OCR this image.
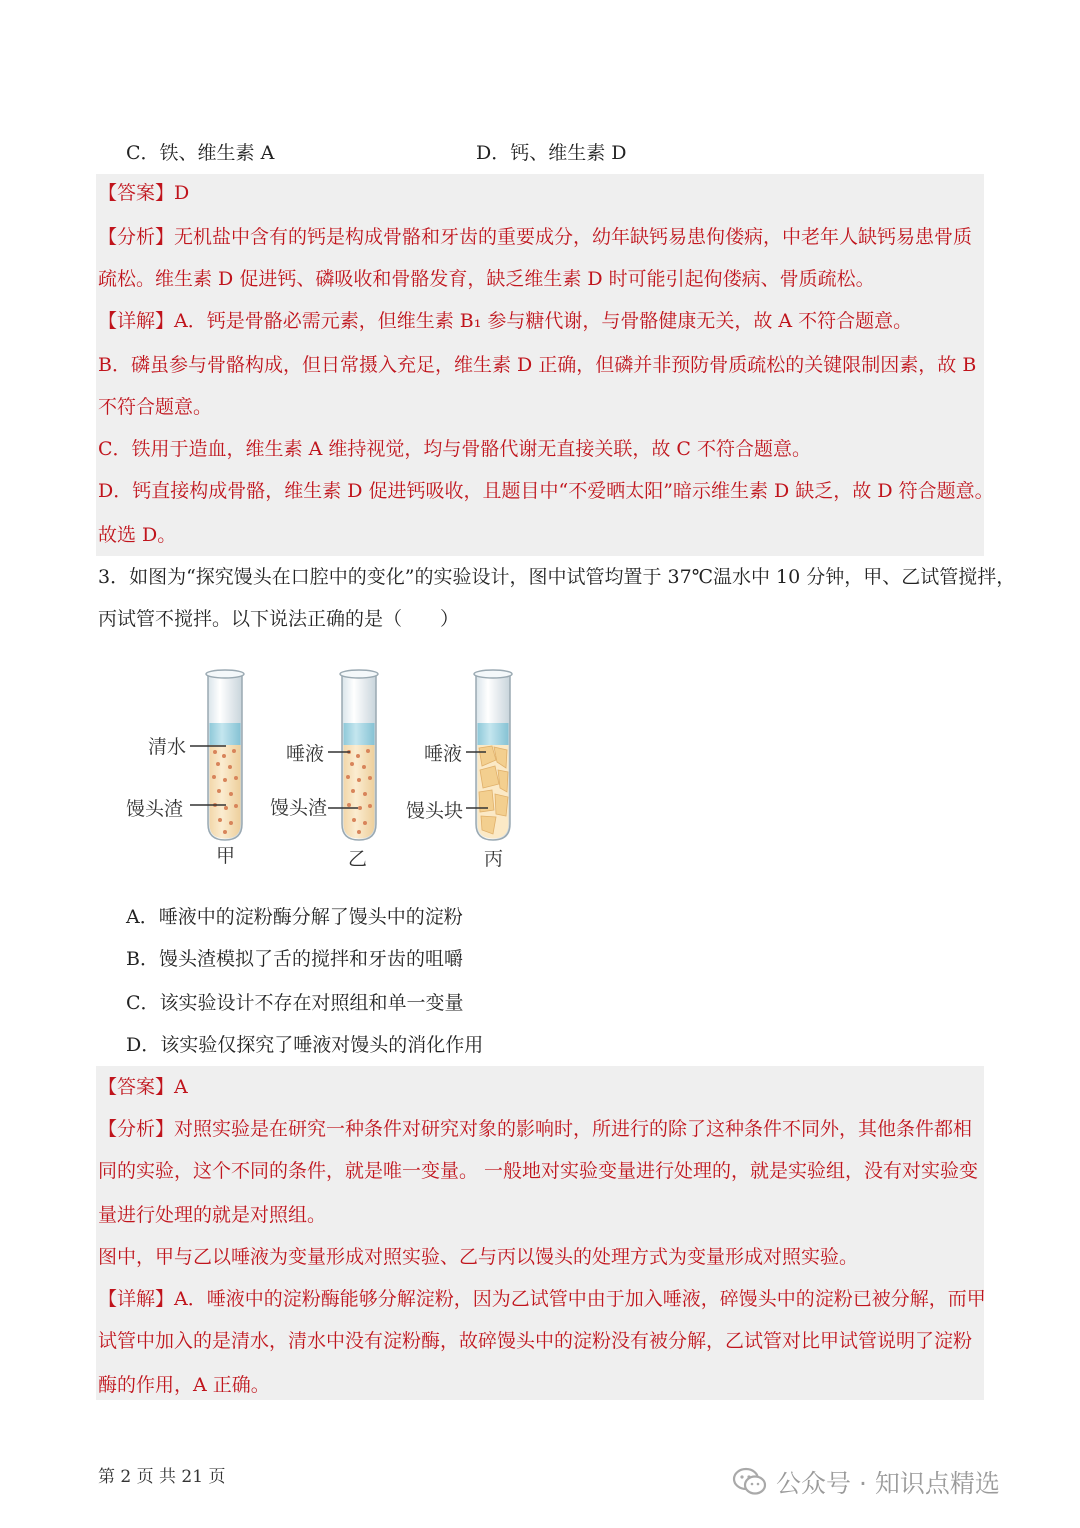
C．铁、维生素 A	D．钙、维生素 D
【答案】D
【分析】无机盐中含有的钙是构成骨骼和牙齿的重要成分，幼年缺钙易患佝偻病，中老年人缺钙易患骨质
疏松。维生素 D 促进钙、磷吸收和骨骼发育，缺乏维生素 D 时可能引起佝偻病、骨质疏松。
【详解】A．钙是骨骼必需元素，但维生素 B₁ 参与糖代谢，与骨骼健康无关，故 A 不符合题意。
B．磷虽参与骨骼构成，但日常摄入充足，维生素 D 正确，但磷并非预防骨质疏松的关键限制因素，故 B
不符合题意。
C．铁用于造血，维生素 A 维持视觉，均与骨骼代谢无直接关联，故 C 不符合题意。
D．钙直接构成骨骼，维生素 D 促进钙吸收，且题目中“不爱晒太阳”暗示维生素 D 缺乏，故 D 符合题意。
故选 D。
3．如图为“探究馒头在口腔中的变化”的实验设计，图中试管均置于 37℃温水中 10 分钟，甲、乙试管搅拌，
丙试管不搅拌。以下说法正确的是（　　）
清水
馒头渣
甲
唾液
馒头渣
乙
唾液
馒头块
丙
A．唾液中的淀粉酶分解了馒头中的淀粉
B．馒头渣模拟了舌的搅拌和牙齿的咀嚼
C．该实验设计不存在对照组和单一变量
D．该实验仅探究了唾液对馒头的消化作用
【答案】A
【分析】对照实验是在研究一种条件对研究对象的影响时，所进行的除了这种条件不同外，其他条件都相
同的实验，这个不同的条件，就是唯一变量。 一般地对实验变量进行处理的，就是实验组，没有对实验变
量进行处理的就是对照组。
图中，甲与乙以唾液为变量形成对照实验、乙与丙以馒头的处理方式为变量形成对照实验。
【详解】A．唾液中的淀粉酶能够分解淀粉，因为乙试管中由于加入唾液，碎馒头中的淀粉已被分解，而甲
试管中加入的是清水，清水中没有淀粉酶，故碎馒头中的淀粉没有被分解，乙试管对比甲试管说明了淀粉
酶的作用，A 正确。
第 2 页 共 21 页	公众号 · 知识点精选
